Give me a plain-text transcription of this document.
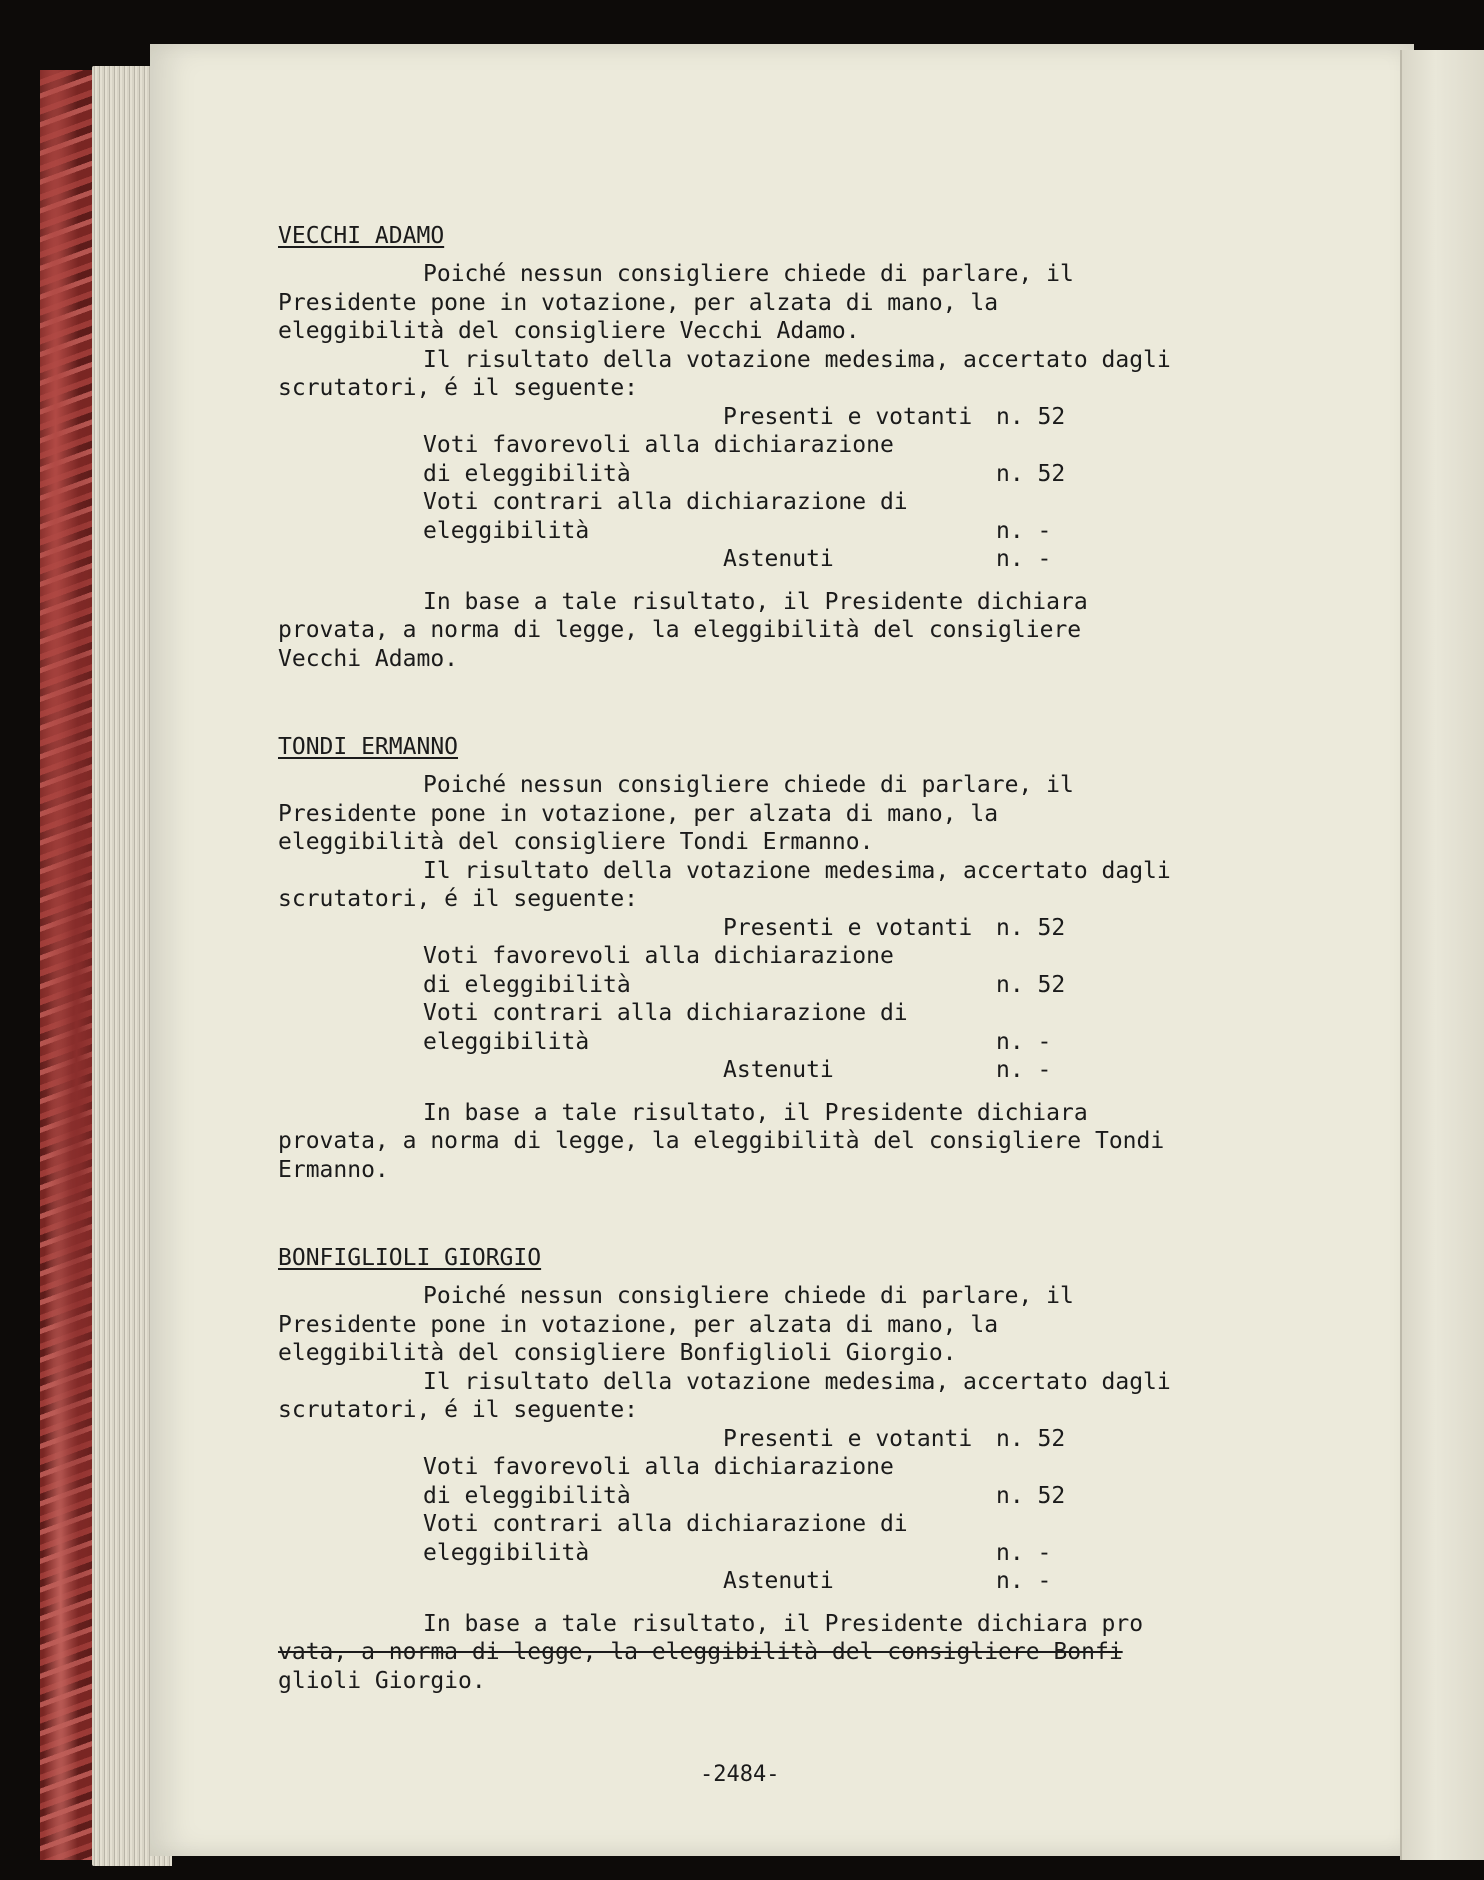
VECCHI ADAMO

Poiché nessun consigliere chiede di parlare, il Presidente pone in votazione, per alzata di mano, la eleggibilità del consigliere Vecchi Adamo.

Il risultato della votazione medesima, accertato dagli scrutatori, é il seguente:

Presenti e votanti n. 52
Voti favorevoli alla dichiarazione
di eleggibilità	n. 52
Voti contrari alla dichiarazione di
eleggibilità	n. -
Astenuti	n. -

In base a tale risultato, il Presidente dichiara provata, a norma di legge, la eleggibilità del consigliere Vecchi Adamo.

TONDI ERMANNO

Poiché nessun consigliere chiede di parlare, il Presidente pone in votazione, per alzata di mano, la eleggibilità del consigliere Tondi Ermanno.

Il risultato della votazione medesima, accertato dagli scrutatori, é il seguente:

Presenti e votanti n. 52
Voti favorevoli alla dichiarazione
di eleggibilità	n. 52
Voti contrari alla dichiarazione di
eleggibilità	n. -
Astenuti	n. -

In base a tale risultato, il Presidente dichiara provata, a norma di legge, la eleggibilità del consigliere Tondi Ermanno.

BONFIGLIOLI GIORGIO

Poiché nessun consigliere chiede di parlare, il Presidente pone in votazione, per alzata di mano, la eleggibilità del consigliere Bonfiglioli Giorgio.

Il risultato della votazione medesima, accertato dagli scrutatori, é il seguente:

Presenti e votanti n. 52
Voti favorevoli alla dichiarazione
di eleggibilità	n. 52
Voti contrari alla dichiarazione di
eleggibilità	n. -
Astenuti	n. -

In base a tale risultato, il Presidente dichiara pro

vata, a norma di legge, la eleggibilità del consigliere Bonfi

glioli Giorgio.

-2484-
